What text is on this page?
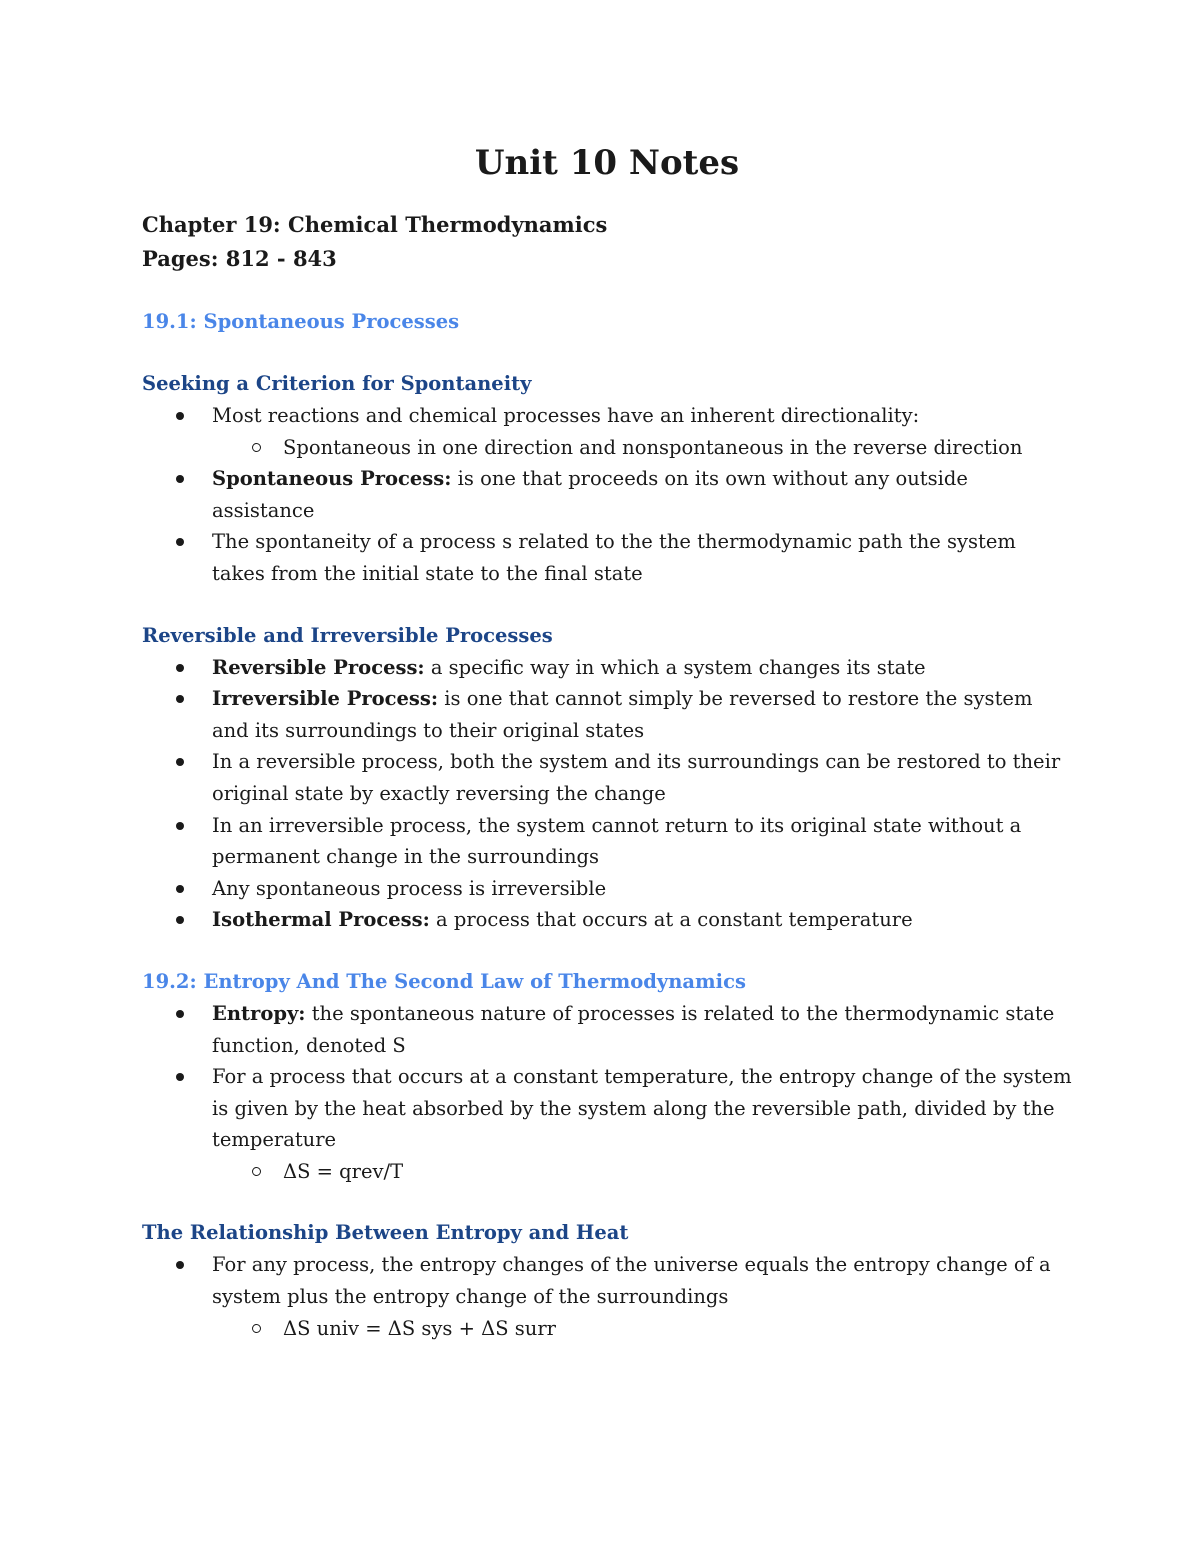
Unit 10 Notes

Chapter 19: Chemical Thermodynamics

Pages: 812 - 843

19.1: Spontaneous Processes
Seeking a Criterion for Spontaneity
Most reactions and chemical processes have an inherent directionality:
Spontaneous in one direction and nonspontaneous in the reverse direction
Spontaneous Process: is one that proceeds on its own without any outside assistance
The spontaneity of a process s related to the the thermodynamic path the system takes from the initial state to the final state
Reversible and Irreversible Processes
Reversible Process: a specific way in which a system changes its state
Irreversible Process: is one that cannot simply be reversed to restore the system and its surroundings to their original states
In a reversible process, both the system and its surroundings can be restored to their original state by exactly reversing the change
In an irreversible process, the system cannot return to its original state without a permanent change in the surroundings
Any spontaneous process is irreversible
Isothermal Process: a process that occurs at a constant temperature
19.2: Entropy And The Second Law of Thermodynamics
Entropy: the spontaneous nature of processes is related to the thermodynamic state function, denoted S
For a process that occurs at a constant temperature, the entropy change of the system is given by the heat absorbed by the system along the reversible path, divided by the temperature
ΔS = qrev/T
The Relationship Between Entropy and Heat
For any process, the entropy changes of the universe equals the entropy change of a system plus the entropy change of the surroundings
ΔS univ = ΔS sys + ΔS surr
